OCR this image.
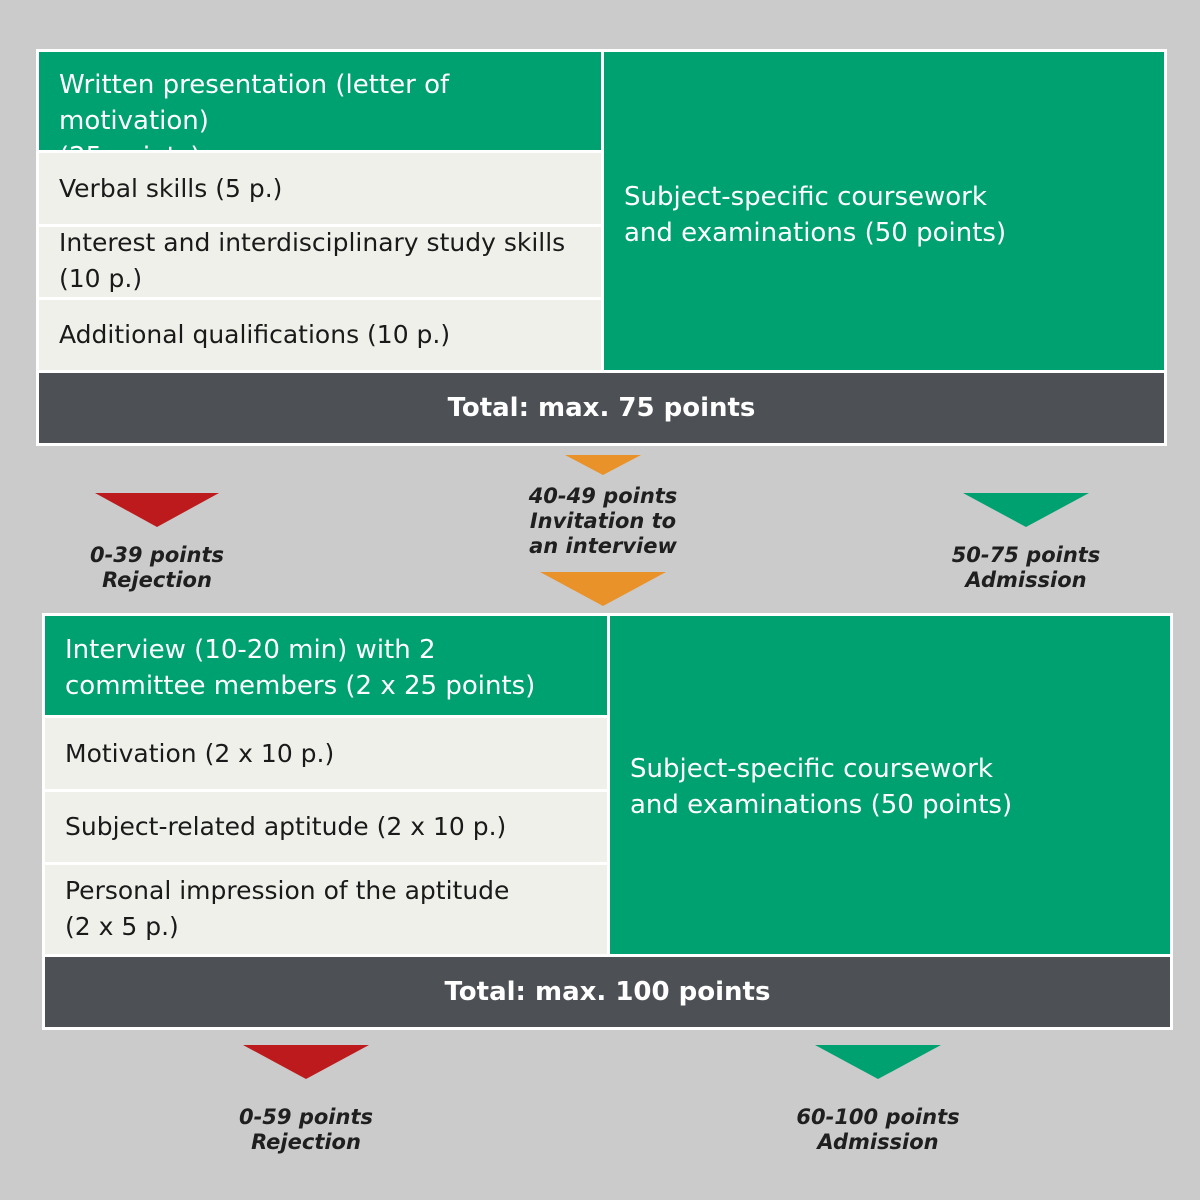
Written presentation (letter of motivation)

Verbal skills (5 p.)
Interest and interdisciplinary study skills
(10 p.)
Additional qualifications (10 p.)
Subject-specific coursework
and examinations (50 points)
Total: max. 75 points
0-39 points
Rejection
40-49 points
Invitation to
an interview	50-75 points
Admission
Interview (10-20 min) with 2
committee members (2 x 25 points)
Motivation (2 x 10 p.)
Subject-related aptitude (2 x 10 p.)
Personal impression of the aptitude
(2 x 5 p.)
Subject-specific coursework
and examinations (50 points)
Total: max. 100 points
0-59 points
Rejection
60-100 points
Admission
